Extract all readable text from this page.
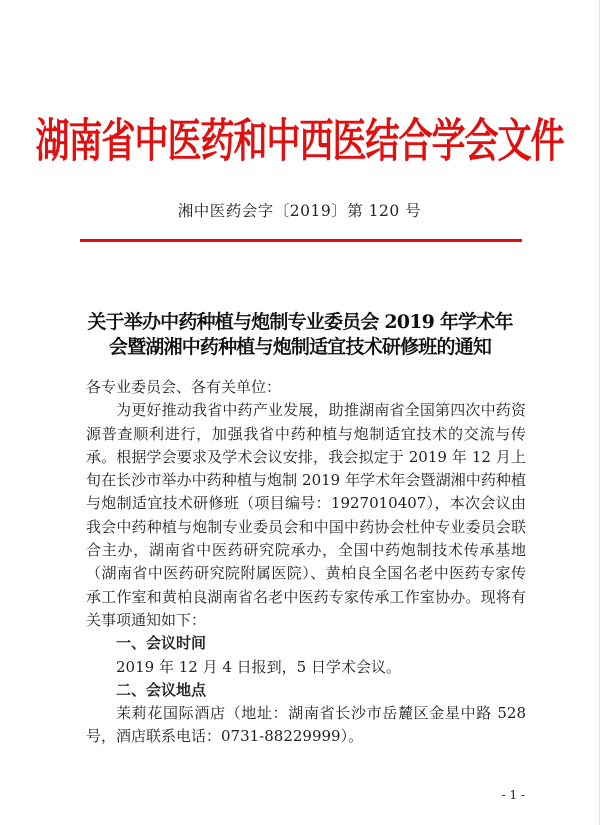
湖南省中医药和中西医结合学会文件
湘中医药会字〔2019〕第 120 号
关于举办中药种植与炮制专业委员会 2019 年学术年
会暨湖湘中药种植与炮制适宜技术研修班的通知

各专业委员会、各有关单位：

为更好推动我省中药产业发展，助推湖南省全国第四次中药资源普查顺利进行，加强我省中药种植与炮制适宜技术的交流与传承。根据学会要求及学术会议安排，我会拟定于 2019 年 12 月上旬在长沙市举办中药种植与炮制 2019 年学术年会暨湖湘中药种植与炮制适宜技术研修班（项目编号：1927010407），本次会议由我会中药种植与炮制专业委员会和中国中药协会杜仲专业委员会联合主办，湖南省中医药研究院承办，全国中药炮制技术传承基地（湖南省中医药研究院附属医院）、黄柏良全国名老中医药专家传承工作室和黄柏良湖南省名老中医药专家传承工作室协办。现将有关事项通知如下：

一、会议时间

2019 年 12 月 4 日报到，5 日学术会议。

二、会议地点

茉莉花国际酒店（地址：湖南省长沙市岳麓区金星中路 528 号，酒店联系电话：0731-88229999）。

- 1 -
